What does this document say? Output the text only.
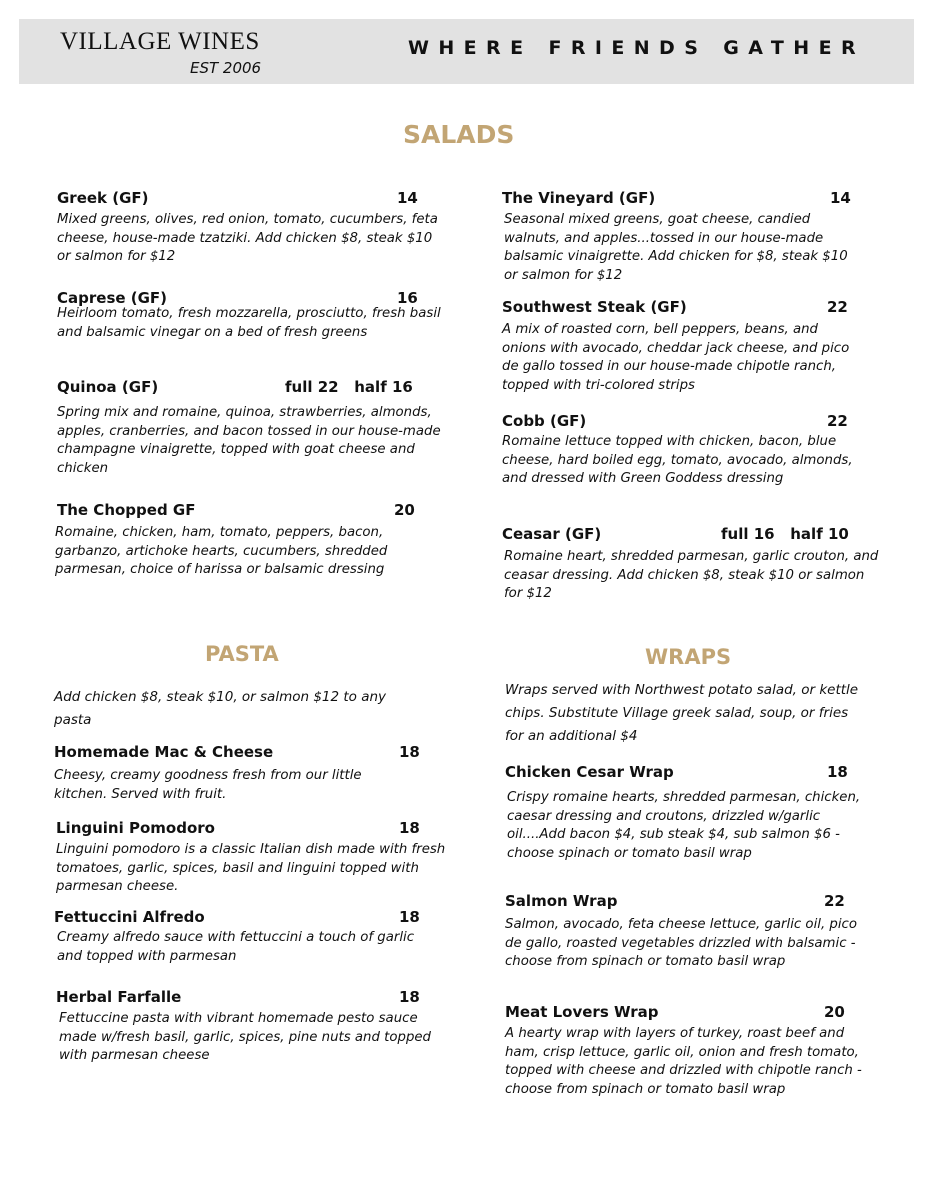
VILLAGE WINES
EST 2006
WHERE FRIENDS GATHER
SALADS
Greek (GF)	14
Mixed greens, olives, red onion, tomato, cucumbers, feta cheese, house-made tzatziki. Add chicken $8, steak $10 or salmon for $12
Caprese (GF)	16
Heirloom tomato, fresh mozzarella, prosciutto, fresh basil and balsamic vinegar on a bed of fresh greens
Quinoa (GF)	full 22   half 16
Spring mix and romaine, quinoa, strawberries, almonds, apples, cranberries, and bacon tossed in our house-made champagne vinaigrette, topped with goat cheese and chicken
The Chopped GF	20
Romaine, chicken, ham, tomato, peppers, bacon, garbanzo, artichoke hearts, cucumbers, shredded parmesan, choice of harissa or balsamic dressing
The Vineyard (GF)	14
Seasonal mixed greens, goat cheese, candied walnuts, and apples...tossed in our house-made balsamic vinaigrette. Add chicken for $8, steak $10 or salmon for $12
Southwest Steak (GF)	22
A mix of roasted corn, bell peppers, beans, and onions with avocado, cheddar jack cheese, and pico de gallo tossed in our house-made chipotle ranch, topped with tri-colored strips
Cobb (GF)	22
Romaine lettuce topped with chicken, bacon, blue cheese, hard boiled egg, tomato, avocado, almonds, and dressed with Green Goddess dressing
Ceasar (GF)	full 16   half 10
Romaine heart, shredded parmesan, garlic crouton, and ceasar dressing. Add chicken $8, steak $10 or salmon for $12
PASTA
Add chicken $8, steak $10, or salmon $12 to any pasta
Homemade Mac & Cheese	18
Cheesy, creamy goodness fresh from our little kitchen. Served with fruit.
Linguini Pomodoro	18
Linguini pomodoro is a classic Italian dish made with fresh tomatoes, garlic, spices, basil and linguini topped with parmesan cheese.
Fettuccini Alfredo	18
Creamy alfredo sauce with fettuccini a touch of garlic and topped with parmesan
Herbal Farfalle	18
Fettuccine pasta with vibrant homemade pesto sauce made w/fresh basil, garlic, spices, pine nuts and topped with parmesan cheese
WRAPS
Wraps served with Northwest potato salad, or kettle chips. Substitute Village greek salad, soup, or fries for an additional $4
Chicken Cesar Wrap	18
Crispy romaine hearts, shredded parmesan, chicken, caesar dressing and croutons, drizzled w/garlic oil....Add bacon $4, sub steak $4, sub salmon $6 - choose spinach or tomato basil wrap
Salmon Wrap	22
Salmon, avocado, feta cheese lettuce, garlic oil, pico de gallo, roasted vegetables drizzled with balsamic - choose from spinach or tomato basil wrap
Meat Lovers Wrap	20
A hearty wrap with layers of turkey, roast beef and ham, crisp lettuce, garlic oil, onion and fresh tomato, topped with cheese and drizzled with chipotle ranch - choose from spinach or tomato basil wrap
